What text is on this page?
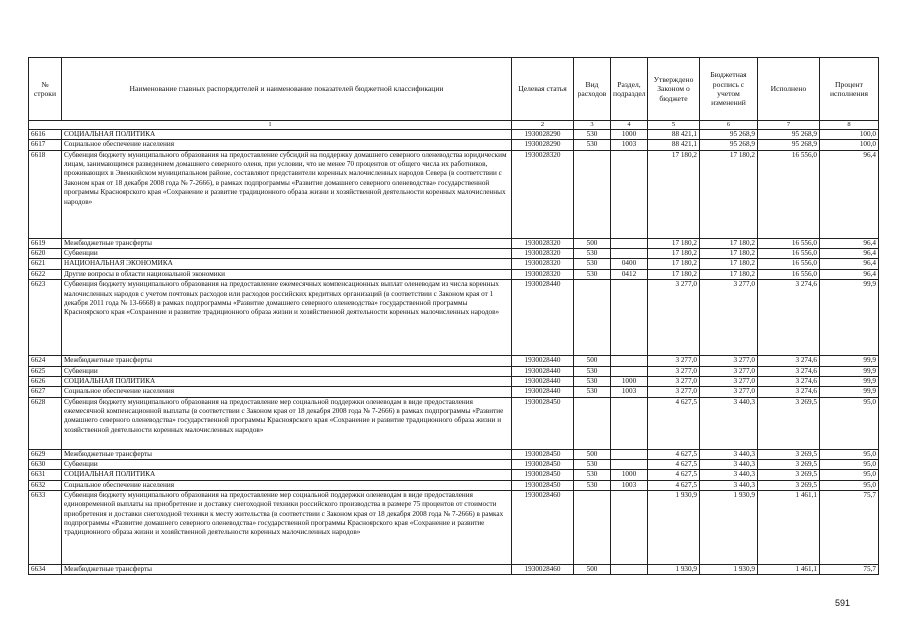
№ строки	Наименование главных распорядителей и наименование показателей бюджетной классификации	Целевая статья	Вид расходов	Раздел, подраздел	Утверждено Законом о бюджете	Бюджетная роспись с учетом изменений	Исполнено	Процент исполнения
1		2	3	4	5	6	7	8
6616	СОЦИАЛЬНАЯ ПОЛИТИКА	1930028290	530	1000	88 421,1	95 268,9	95 268,9	100,0
6617	Социальное обеспечение населения	1930028290	530	1003	88 421,1	95 268,9	95 268,9	100,0
6618	Субвенция бюджету муниципального образования на предоставление субсидий на поддержку домашнего северного оленеводства юридическим лицам, занимающимся разведением домашнего северного оленя, при условии, что не менее 70 процентов от общего числа их работников, проживающих в Эвенкийском муниципальном районе, составляют представители коренных малочисленных народов Севера (в соответствии с Законом края от 18 декабря 2008 года № 7-2666), в рамках подпрограммы «Развитие домашнего северного оленеводства» государственной программы Красноярского края «Сохранение и развитие традиционного образа жизни и хозяйственной деятельности коренных малочисленных народов»	1930028320			17 180,2	17 180,2	16 556,0	96,4
6619	Межбюджетные трансферты	1930028320	500		17 180,2	17 180,2	16 556,0	96,4
6620	Субвенции	1930028320	530		17 180,2	17 180,2	16 556,0	96,4
6621	НАЦИОНАЛЬНАЯ ЭКОНОМИКА	1930028320	530	0400	17 180,2	17 180,2	16 556,0	96,4
6622	Другие вопросы в области национальной экономики	1930028320	530	0412	17 180,2	17 180,2	16 556,0	96,4
6623	Субвенция бюджету муниципального образования на предоставление ежемесячных компенсационных выплат оленеводам из числа коренных малочисленных народов с учетом почтовых расходов или расходов российских кредитных организаций (в соответствии с Законом края от 1 декабря 2011 года № 13-6668) в рамках подпрограммы «Развитие домашнего северного оленеводства» государственной программы Красноярского края «Сохранение и развитие традиционного образа жизни и хозяйственной деятельности коренных малочисленных народов»	1930028440			3 277,0	3 277,0	3 274,6	99,9
6624	Межбюджетные трансферты	1930028440	500		3 277,0	3 277,0	3 274,6	99,9
6625	Субвенции	1930028440	530		3 277,0	3 277,0	3 274,6	99,9
6626	СОЦИАЛЬНАЯ ПОЛИТИКА	1930028440	530	1000	3 277,0	3 277,0	3 274,6	99,9
6627	Социальное обеспечение населения	1930028440	530	1003	3 277,0	3 277,0	3 274,6	99,9
6628	Субвенция бюджету муниципального образования на предоставление мер социальной поддержки оленеводам в виде предоставления ежемесячной компенсационной выплаты (в соответствии с Законом края от 18 декабря 2008 года № 7-2666) в рамках подпрограммы «Развитие домашнего северного оленеводства» государственной программы Красноярского края «Сохранение и развитие традиционного образа жизни и хозяйственной деятельности коренных малочисленных народов»	1930028450			4 627,5	3 440,3	3 269,5	95,0
6629	Межбюджетные трансферты	1930028450	500		4 627,5	3 440,3	3 269,5	95,0
6630	Субвенции	1930028450	530		4 627,5	3 440,3	3 269,5	95,0
6631	СОЦИАЛЬНАЯ ПОЛИТИКА	1930028450	530	1000	4 627,5	3 440,3	3 269,5	95,0
6632	Социальное обеспечение населения	1930028450	530	1003	4 627,5	3 440,3	3 269,5	95,0
6633	Субвенция бюджету муниципального образования на предоставление мер социальной поддержки оленеводам в виде предоставления единовременной выплаты на приобретение и доставку снегоходной техники российского производства в размере 75 процентов от стоимости приобретения и доставки снегоходной техники к месту жительства (в соответствии с Законом края от 18 декабря 2008 года № 7-2666) в рамках подпрограммы «Развитие домашнего северного оленеводства» государственной программы Красноярского края «Сохранение и развитие традиционного образа жизни и хозяйственной деятельности коренных малочисленных народов»	1930028460			1 930,9	1 930,9	1 461,1	75,7
6634	Межбюджетные трансферты	1930028460	500		1 930,9	1 930,9	1 461,1	75,7
591
